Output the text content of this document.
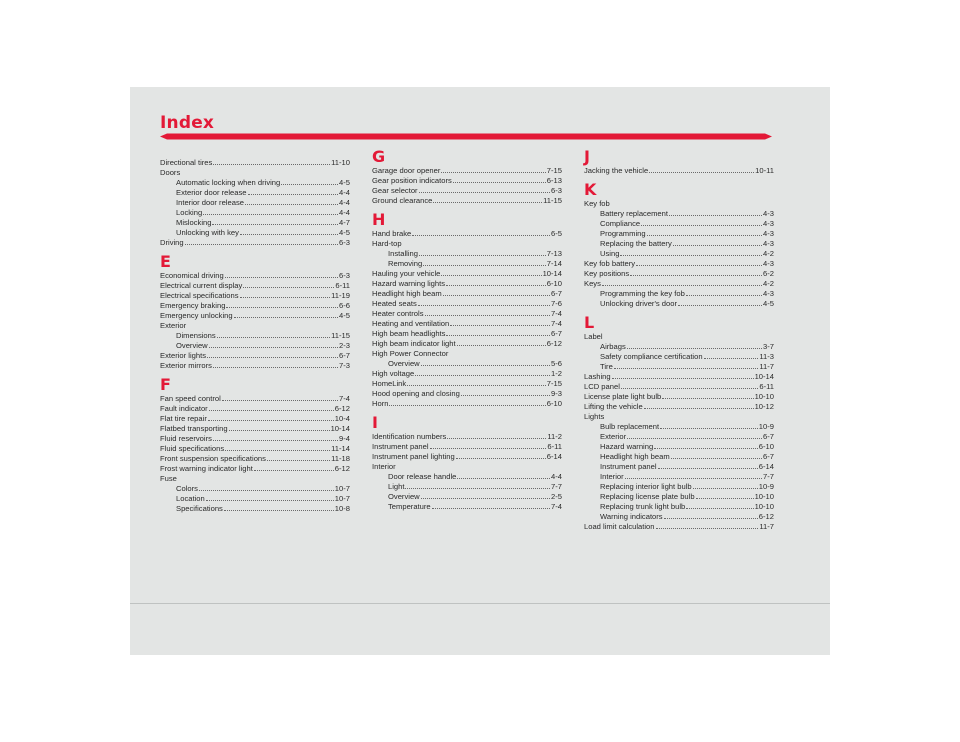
Index
Directional tires	11-10
Doors
Automatic locking when driving	4-5
Exterior door release	4-4
Interior door release	4-4
Locking	4-4
Mislocking	4-7
Unlocking with key	4-5
Driving	6-3
E
Economical driving	6-3
Electrical current display	6-11
Electrical specifications	11-19
Emergency braking	6-6
Emergency unlocking	4-5
Exterior
Dimensions	11-15
Overview	2-3
Exterior lights	6-7
Exterior mirrors	7-3
F
Fan speed control	7-4
Fault indicator	6-12
Flat tire repair	10-4
Flatbed transporting	10-14
Fluid reservoirs	9-4
Fluid specifications	11-14
Front suspension specifications	11-18
Frost warning indicator light	6-12
Fuse
Colors	10-7
Location	10-7
Specifications	10-8
G
Garage door opener	7-15
Gear position indicators	6-13
Gear selector	6-3
Ground clearance	11-15
H
Hand brake	6-5
Hard-top
Installing	7-13
Removing	7-14
Hauling your vehicle	10-14
Hazard warning lights	6-10
Headlight high beam	6-7
Heated seats	7-6
Heater controls	7-4
Heating and ventilation	7-4
High beam headlights	6-7
High beam indicator light	6-12
High Power Connector
Overview	5-6
High voltage	1-2
HomeLink	7-15
Hood opening and closing	9-3
Horn	6-10
I
Identification numbers	11-2
Instrument panel	6-11
Instrument panel lighting	6-14
Interior
Door release handle	4-4
Light	7-7
Overview	2-5
Temperature	7-4
J
Jacking the vehicle	10-11
K
Key fob
Battery replacement	4-3
Compliance	4-3
Programming	4-3
Replacing the battery	4-3
Using	4-2
Key fob battery	4-3
Key positions	6-2
Keys	4-2
Programming the key fob	4-3
Unlocking driver's door	4-5
L
Label
Airbags	3-7
Safety compliance certification	11-3
Tire	11-7
Lashing	10-14
LCD panel	6-11
License plate light bulb	10-10
Lifting the vehicle	10-12
Lights
Bulb replacement	10-9
Exterior	6-7
Hazard warning	6-10
Headlight high beam	6-7
Instrument panel	6-14
Interior	7-7
Replacing interior light bulb	10-9
Replacing license plate bulb	10-10
Replacing trunk light bulb	10-10
Warning indicators	6-12
Load limit calculation	11-7
